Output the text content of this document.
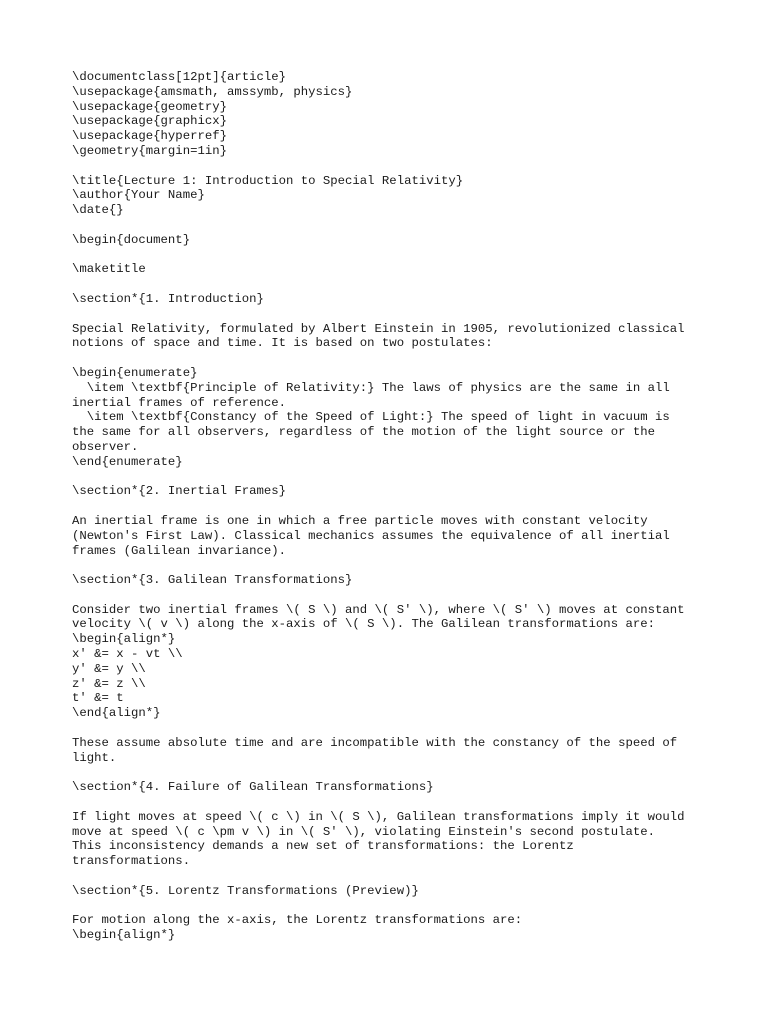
\documentclass[12pt]{article}
\usepackage{amsmath, amssymb, physics}
\usepackage{geometry}
\usepackage{graphicx}
\usepackage{hyperref}
\geometry{margin=1in}
\title{Lecture 1: Introduction to Special Relativity}
\author{Your Name}
\date{}
\begin{document}
\maketitle
\section*{1. Introduction}
Special Relativity, formulated by Albert Einstein in 1905, revolutionized classical
notions of space and time. It is based on two postulates:
\begin{enumerate}
\item \textbf{Principle of Relativity:} The laws of physics are the same in all
inertial frames of reference.
\item \textbf{Constancy of the Speed of Light:} The speed of light in vacuum is
the same for all observers, regardless of the motion of the light source or the
observer.
\end{enumerate}
\section*{2. Inertial Frames}
An inertial frame is one in which a free particle moves with constant velocity
(Newton's First Law). Classical mechanics assumes the equivalence of all inertial
frames (Galilean invariance).
\section*{3. Galilean Transformations}
Consider two inertial frames \( S \) and \( S' \), where \( S' \) moves at constant
velocity \( v \) along the x-axis of \( S \). The Galilean transformations are:
\begin{align*}
x' &= x - vt \\
y' &= y \\
z' &= z \\
t' &= t
\end{align*}
These assume absolute time and are incompatible with the constancy of the speed of
light.
\section*{4. Failure of Galilean Transformations}
If light moves at speed \( c \) in \( S \), Galilean transformations imply it would
move at speed \( c \pm v \) in \( S' \), violating Einstein's second postulate.
This inconsistency demands a new set of transformations: the Lorentz
transformations.
\section*{5. Lorentz Transformations (Preview)}
For motion along the x-axis, the Lorentz transformations are:
\begin{align*}
